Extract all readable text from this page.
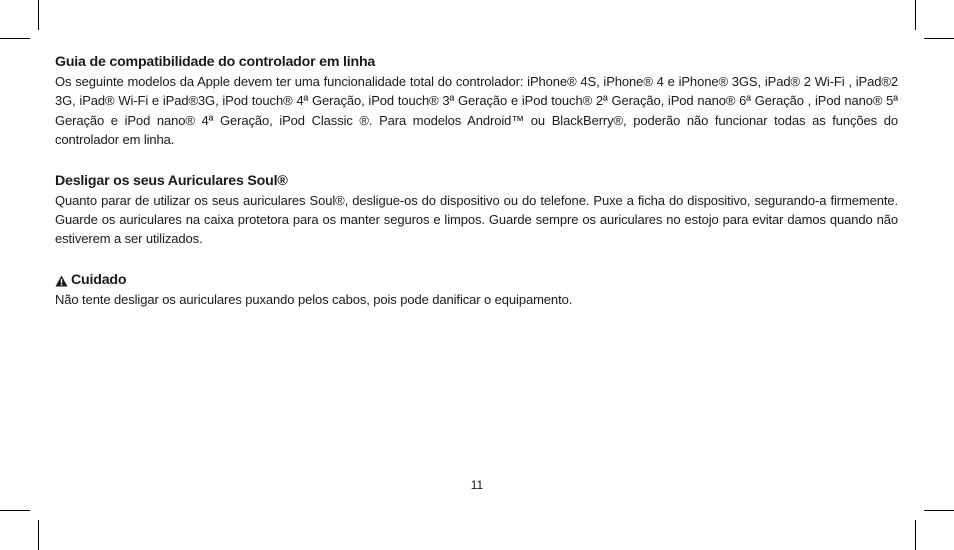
Guia de compatibilidade do controlador em linha

Os seguinte modelos da Apple devem ter uma funcionalidade total do controlador: iPhone® 4S, iPhone® 4 e iPhone® 3GS, iPad® 2 Wi-Fi , iPad®2 3G, iPad® Wi-Fi e iPad®3G, iPod touch® 4ª Geração, iPod touch® 3ª Geração e iPod touch® 2ª Geração, iPod nano® 6ª Geração , iPod nano® 5ª Geração e iPod nano® 4ª Geração, iPod Classic ®. Para modelos Android™ ou BlackBerry®, poderão não funcionar todas as funções do controlador em linha.

Desligar os seus Auriculares Soul®

Quanto parar de utilizar os seus auriculares Soul®, desligue-os do dispositivo ou do telefone. Puxe a ficha do dispositivo, segurando-a firmemente. Guarde os auriculares na caixa protetora para os manter seguros e limpos. Guarde sempre os auriculares no estojo para evitar damos quando não estiverem a ser utilizados.

Cuidado

Não tente desligar os auriculares puxando pelos cabos, pois pode danificar o equipamento.

11
